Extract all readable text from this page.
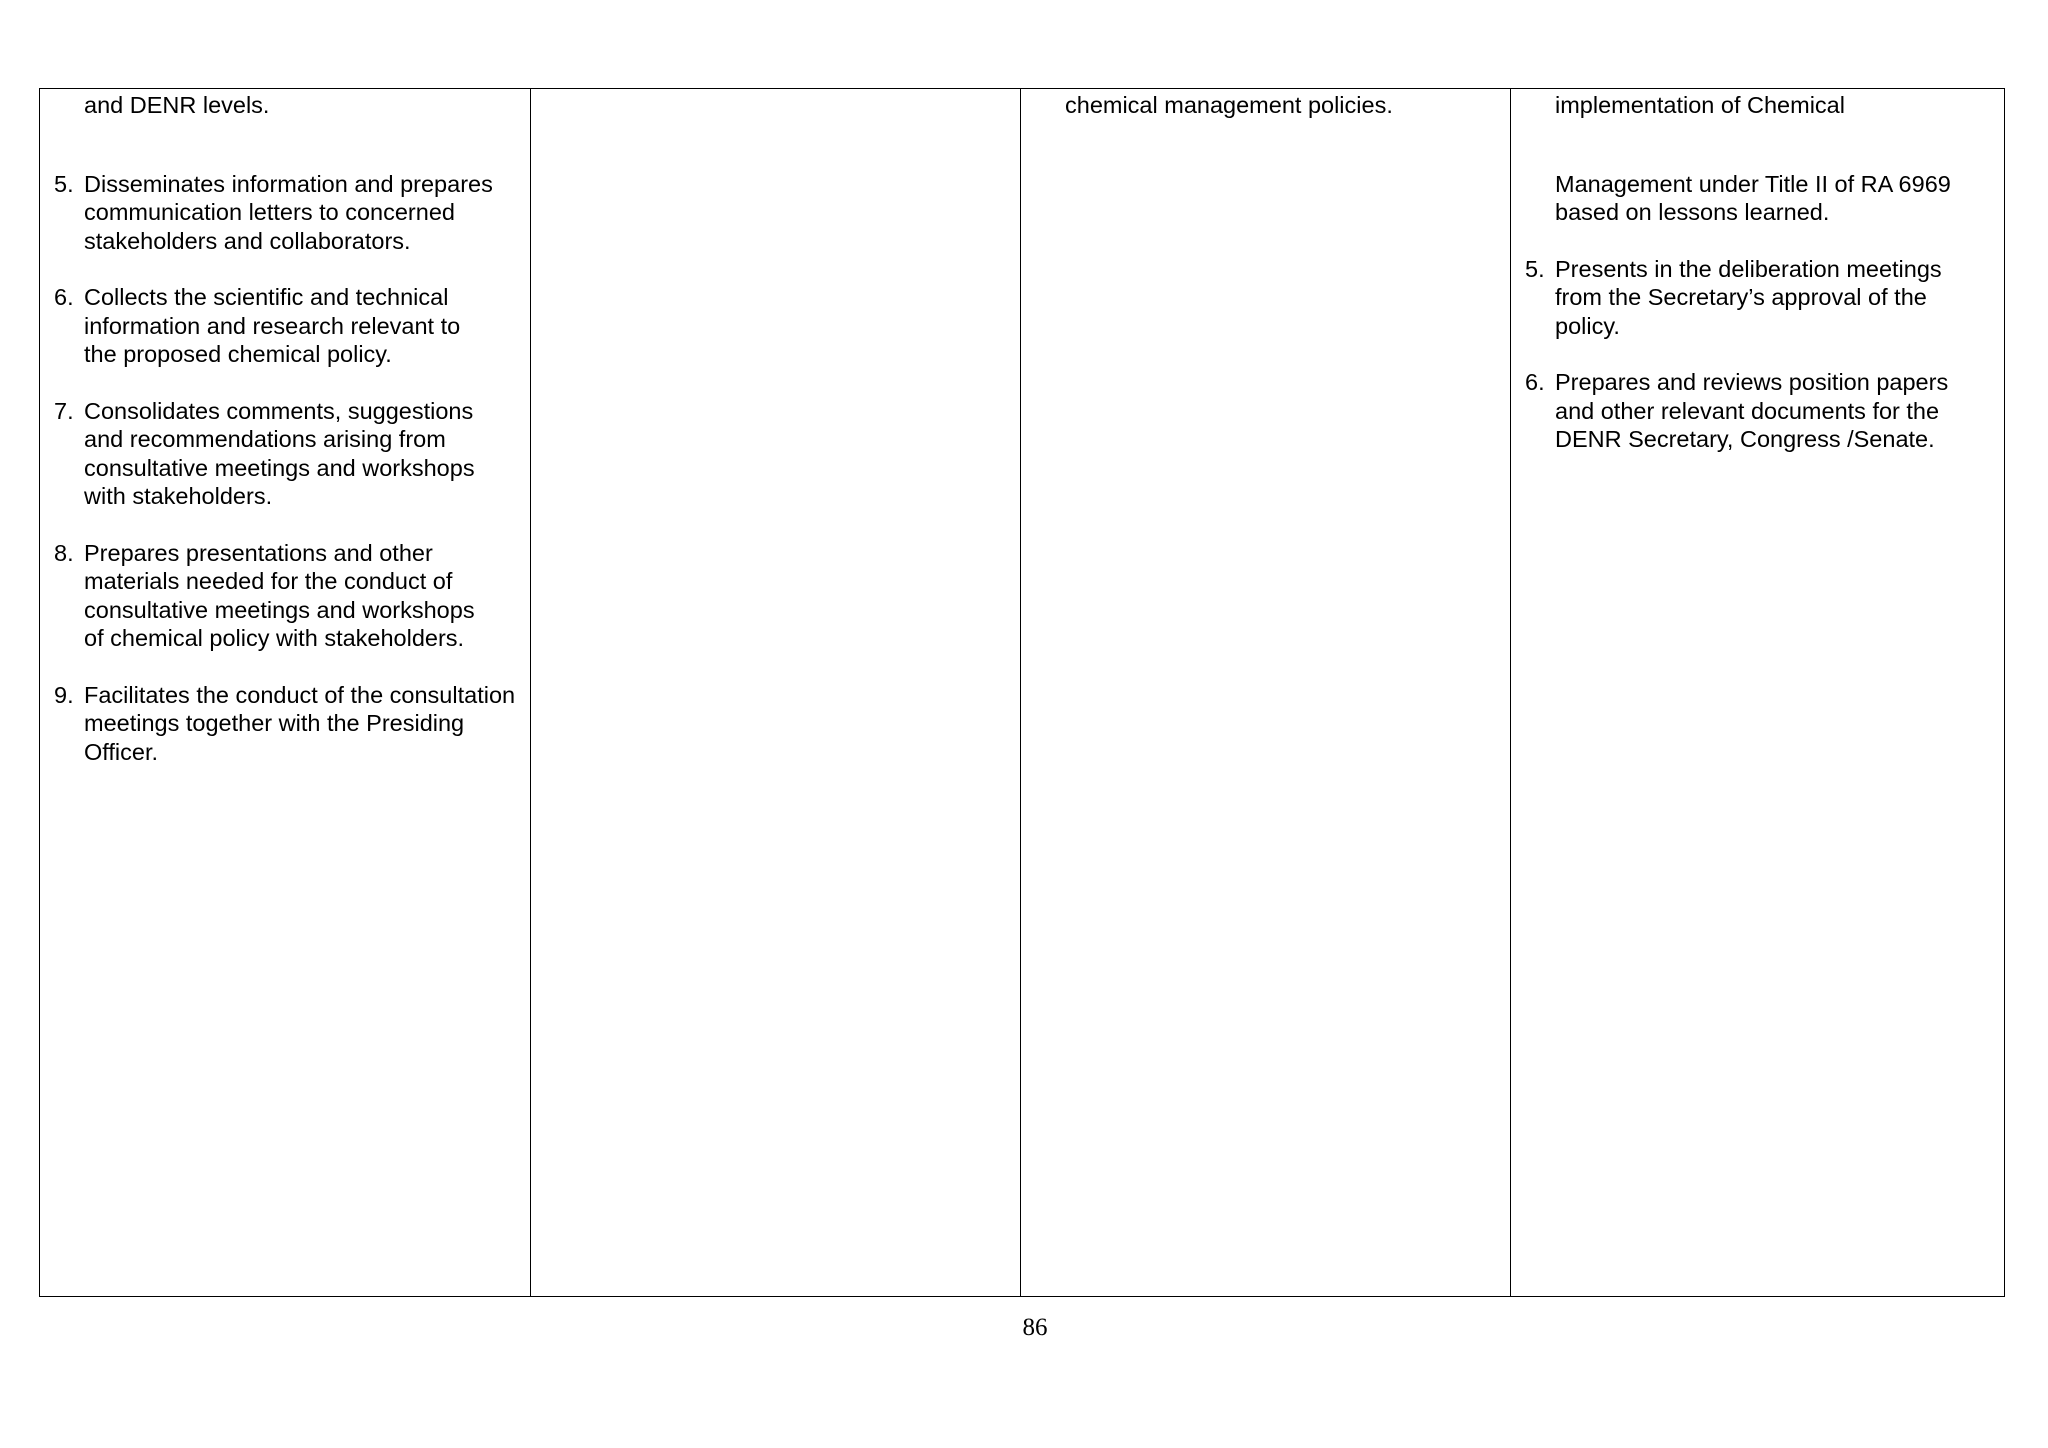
and DENR levels.

5. Disseminates information and prepares communication letters to concerned stakeholders and collaborators.
6. Collects the scientific and technical information and research relevant to the proposed chemical policy.
7. Consolidates comments, suggestions and recommendations arising from consultative meetings and workshops with stakeholders.
8. Prepares presentations and other materials needed for the conduct of consultative meetings and workshops of chemical policy with stakeholders.
9. Facilitates the conduct of the consultation meetings together with the Presiding Officer.

chemical management policies.	implementation of Chemical

Management under Title II of RA 6969 based on lessons learned.

5. Presents in the deliberation meetings from the Secretary’s approval of the policy.
6. Prepares and reviews position papers and other relevant documents for the DENR Secretary, Congress /Senate.
86
